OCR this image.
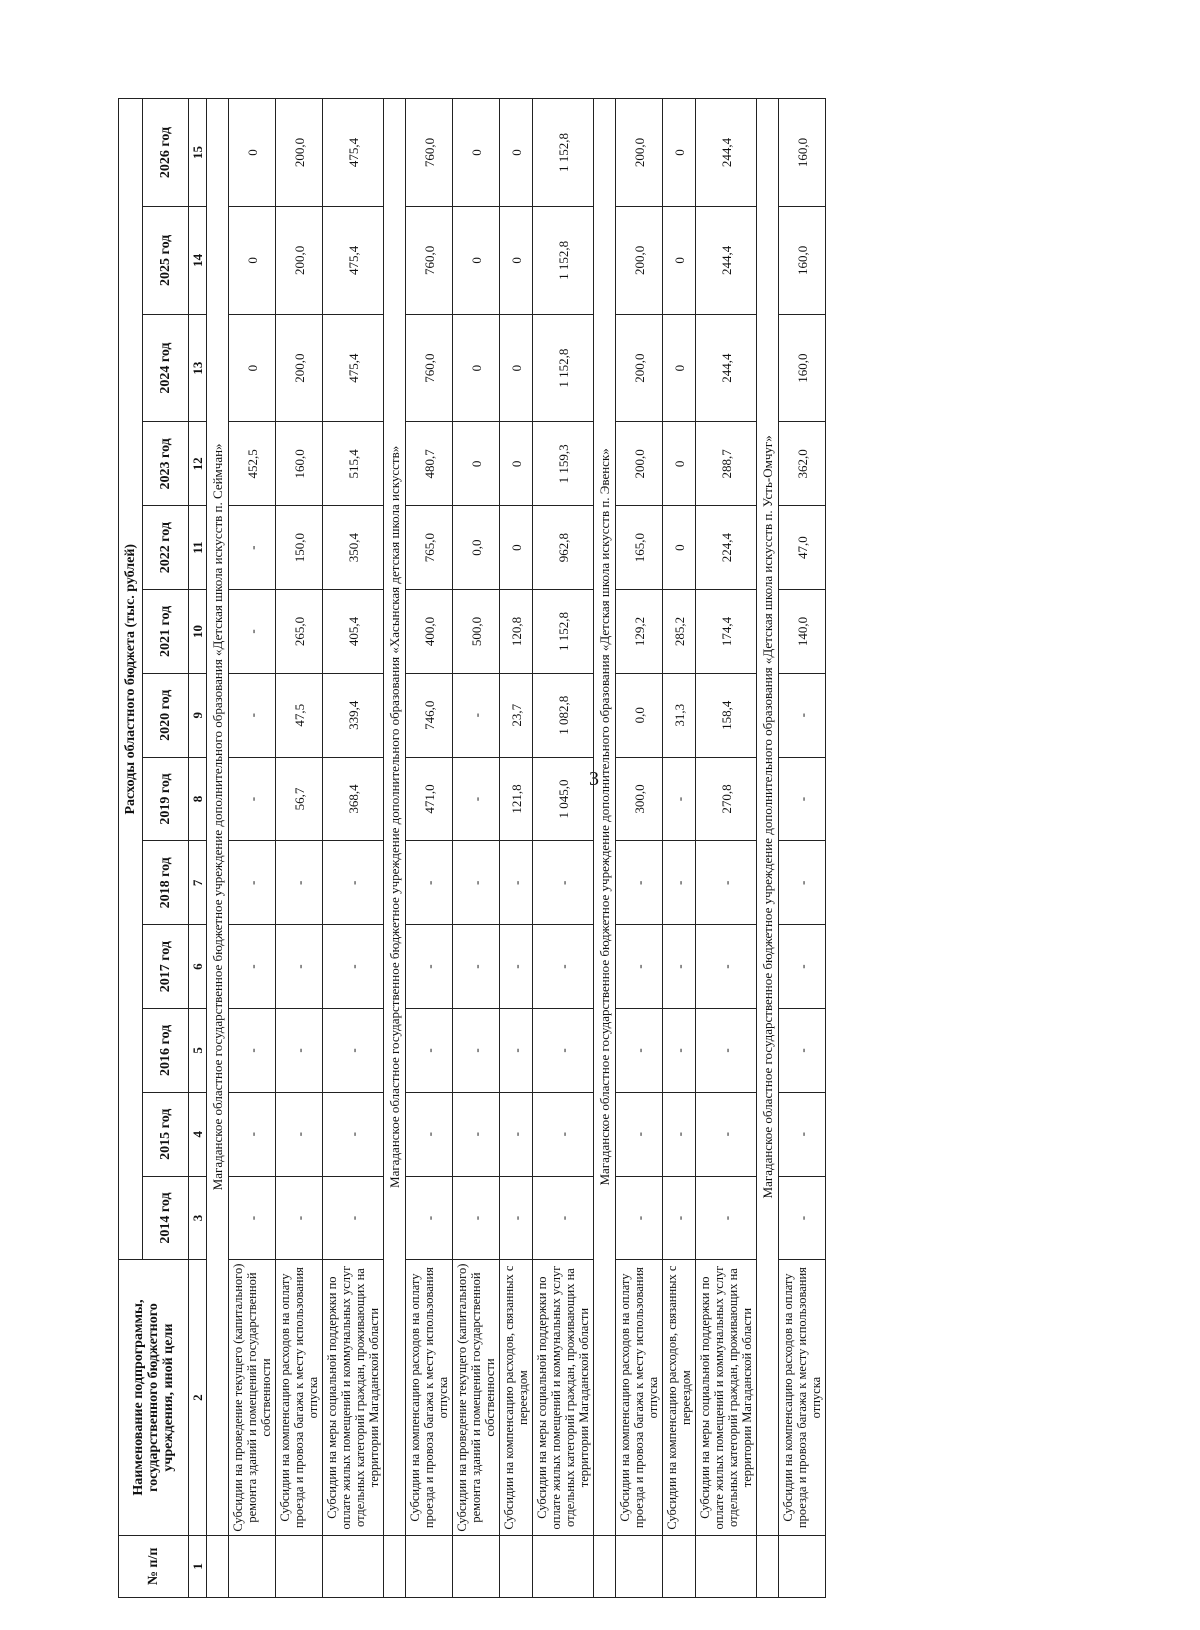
3
№ п/п	Наименование подпрограммы, государственного бюджетного учреждения, иной цели	Расходы областного бюджета (тыс. рублей)												
		2014 год	2015 год	2016 год	2017 год	2018 год	2019 год	2020 год	2021 год	2022 год	2023 год	2024 год	2025 год	2026 год
1	2	3	4	5	6	7	8	9	10	11	12	13	14	15
	Магаданское областное государственное бюджетное учреждение дополнительного образования «Детская школа искусств п. Сеймчан»													
	Субсидии на проведение текущего (капитального) ремонта зданий и помещений государственной собственности	-	-	-	-	-	-	-	-	-	452,5	0	0	0
	Субсидии на компенсацию расходов на оплату проезда и провоза багажа к месту использования отпуска	-	-	-	-	-	56,7	47,5	265,0	150,0	160,0	200,0	200,0	200,0
	Субсидии на меры социальной поддержки по оплате жилых помещений и коммунальных услуг отдельных категорий граждан, проживающих на территории Магаданской области	-	-	-	-	-	368,4	339,4	405,4	350,4	515,4	475,4	475,4	475,4
	Магаданское областное государственное бюджетное учреждение дополнительного образования «Хасынская детская школа искусств»													
	Субсидии на компенсацию расходов на оплату проезда и провоза багажа к месту использования отпуска	-	-	-	-	-	471,0	746,0	400,0	765,0	480,7	760,0	760,0	760,0
	Субсидии на проведение текущего (капитального) ремонта зданий и помещений государственной собственности	-	-	-	-	-	-	-	500,0	0,0	0	0	0	0
	Субсидии на компенсацию расходов, связанных с переездом	-	-	-	-	-	121,8	23,7	120,8	0	0	0	0	0
	Субсидии на меры социальной поддержки по оплате жилых помещений и коммунальных услуг отдельных категорий граждан, проживающих на территории Магаданской области	-	-	-	-	-	1 045,0	1 082,8	1 152,8	962,8	1 159,3	1 152,8	1 152,8	1 152,8
	Магаданское областное государственное бюджетное учреждение дополнительного образования «Детская школа искусств п. Эвенск»													
	Субсидии на компенсацию расходов на оплату проезда и провоза багажа к месту использования отпуска	-	-	-	-	-	300,0	0,0	129,2	165,0	200,0	200,0	200,0	200,0
	Субсидии на компенсацию расходов, связанных с переездом	-	-	-	-	-	-	31,3	285,2	0	0	0	0	0
	Субсидии на меры социальной поддержки по оплате жилых помещений и коммунальных услуг отдельных категорий граждан, проживающих на территории Магаданской области	-	-	-	-	-	270,8	158,4	174,4	224,4	288,7	244,4	244,4	244,4
	Магаданское областное государственное бюджетное учреждение дополнительного образования «Детская школа искусств п. Усть-Омчуг»													
	Субсидии на компенсацию расходов на оплату проезда и провоза багажа к месту использования отпуска	-	-	-	-	-	-	-	140,0	47,0	362,0	160,0	160,0	160,0
